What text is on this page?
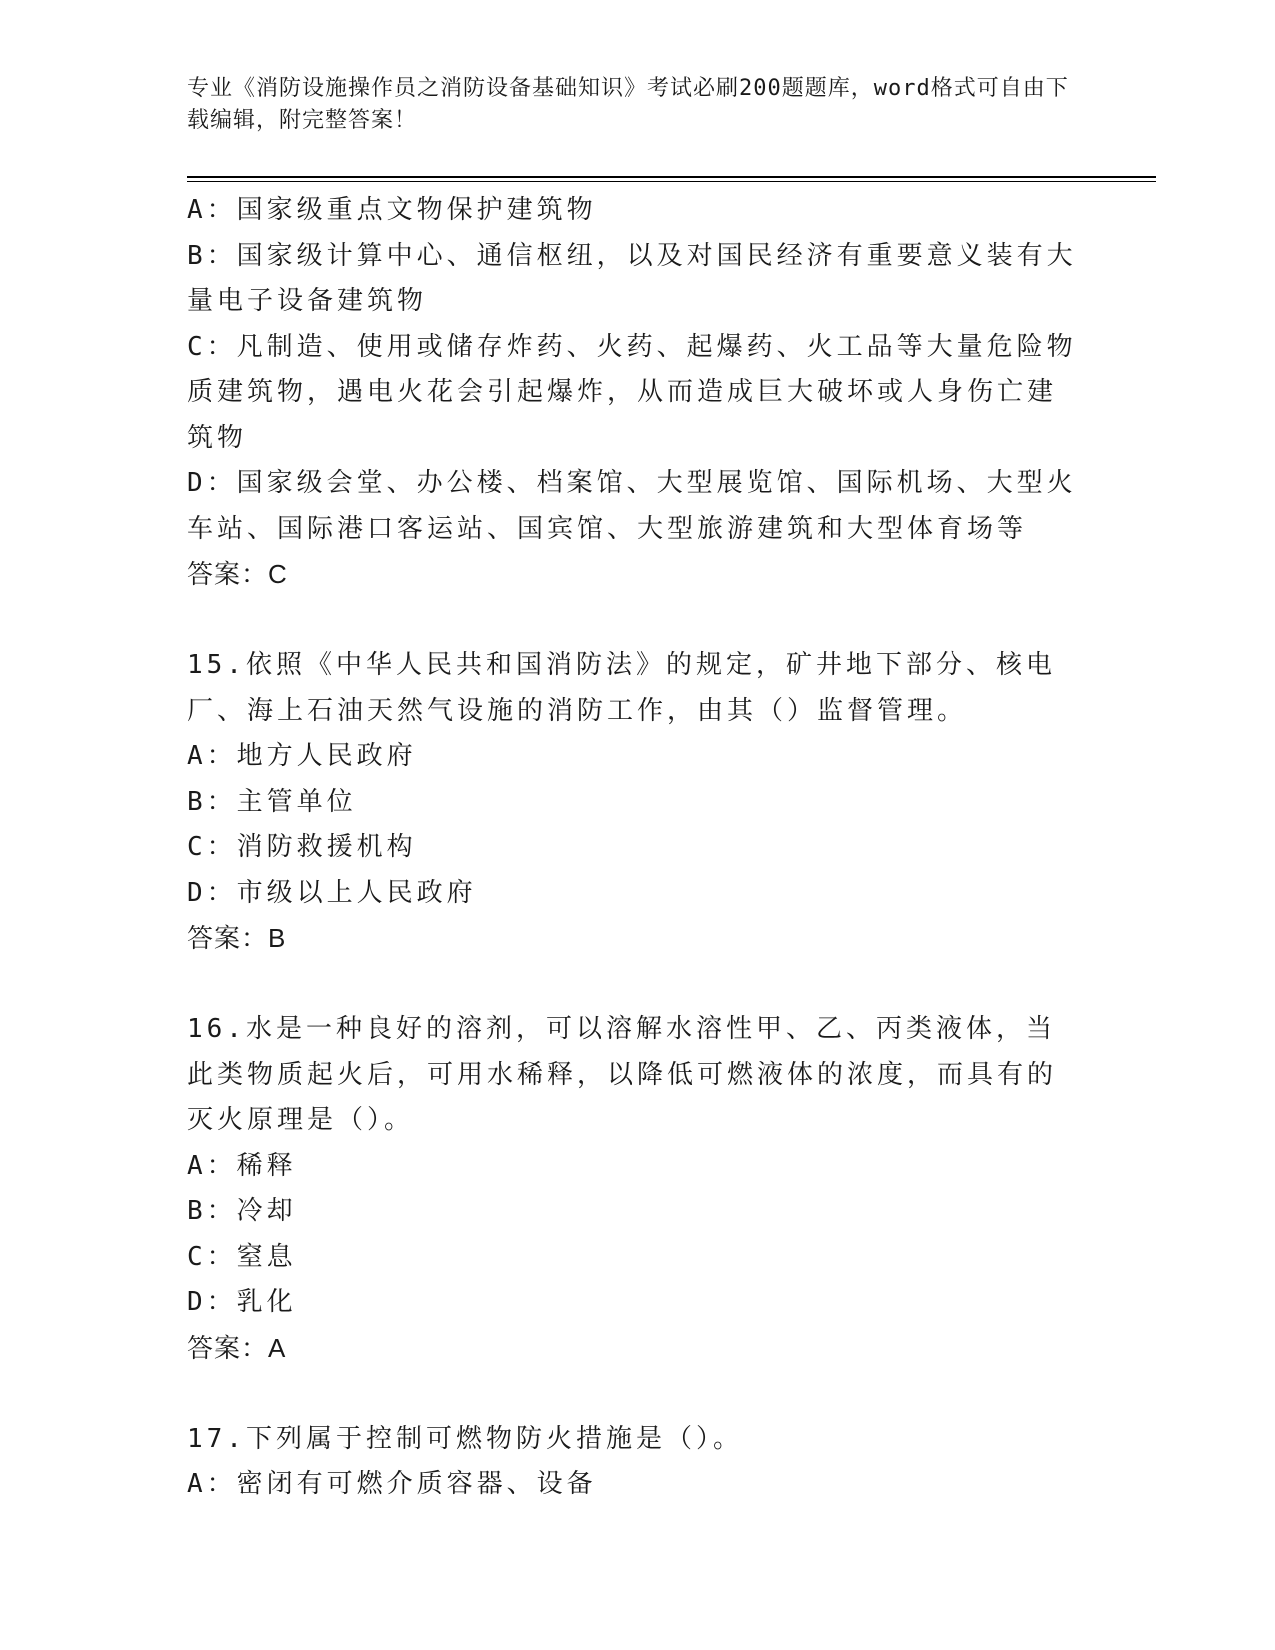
专业《消防设施操作员之消防设备基础知识》考试必刷200题题库，word格式可自由下载编辑，附完整答案！
A：国家级重点文物保护建筑物
B：国家级计算中心、通信枢纽，以及对国民经济有重要意义装有大量电子设备建筑物
C：凡制造、使用或储存炸药、火药、起爆药、火工品等大量危险物质建筑物，遇电火花会引起爆炸，从而造成巨大破坏或人身伤亡建筑物
D：国家级会堂、办公楼、档案馆、大型展览馆、国际机场、大型火车站、国际港口客运站、国宾馆、大型旅游建筑和大型体育场等
答案：C
15.依照《中华人民共和国消防法》的规定，矿井地下部分、核电厂、海上石油天然气设施的消防工作，由其（）监督管理。
A：地方人民政府
B：主管单位
C：消防救援机构
D：市级以上人民政府
答案：B
16.水是一种良好的溶剂，可以溶解水溶性甲、乙、丙类液体，当此类物质起火后，可用水稀释，以降低可燃液体的浓度，而具有的灭火原理是（）。
A：稀释
B：冷却
C：窒息
D：乳化
答案：A
17.下列属于控制可燃物防火措施是（）。
A：密闭有可燃介质容器、设备
